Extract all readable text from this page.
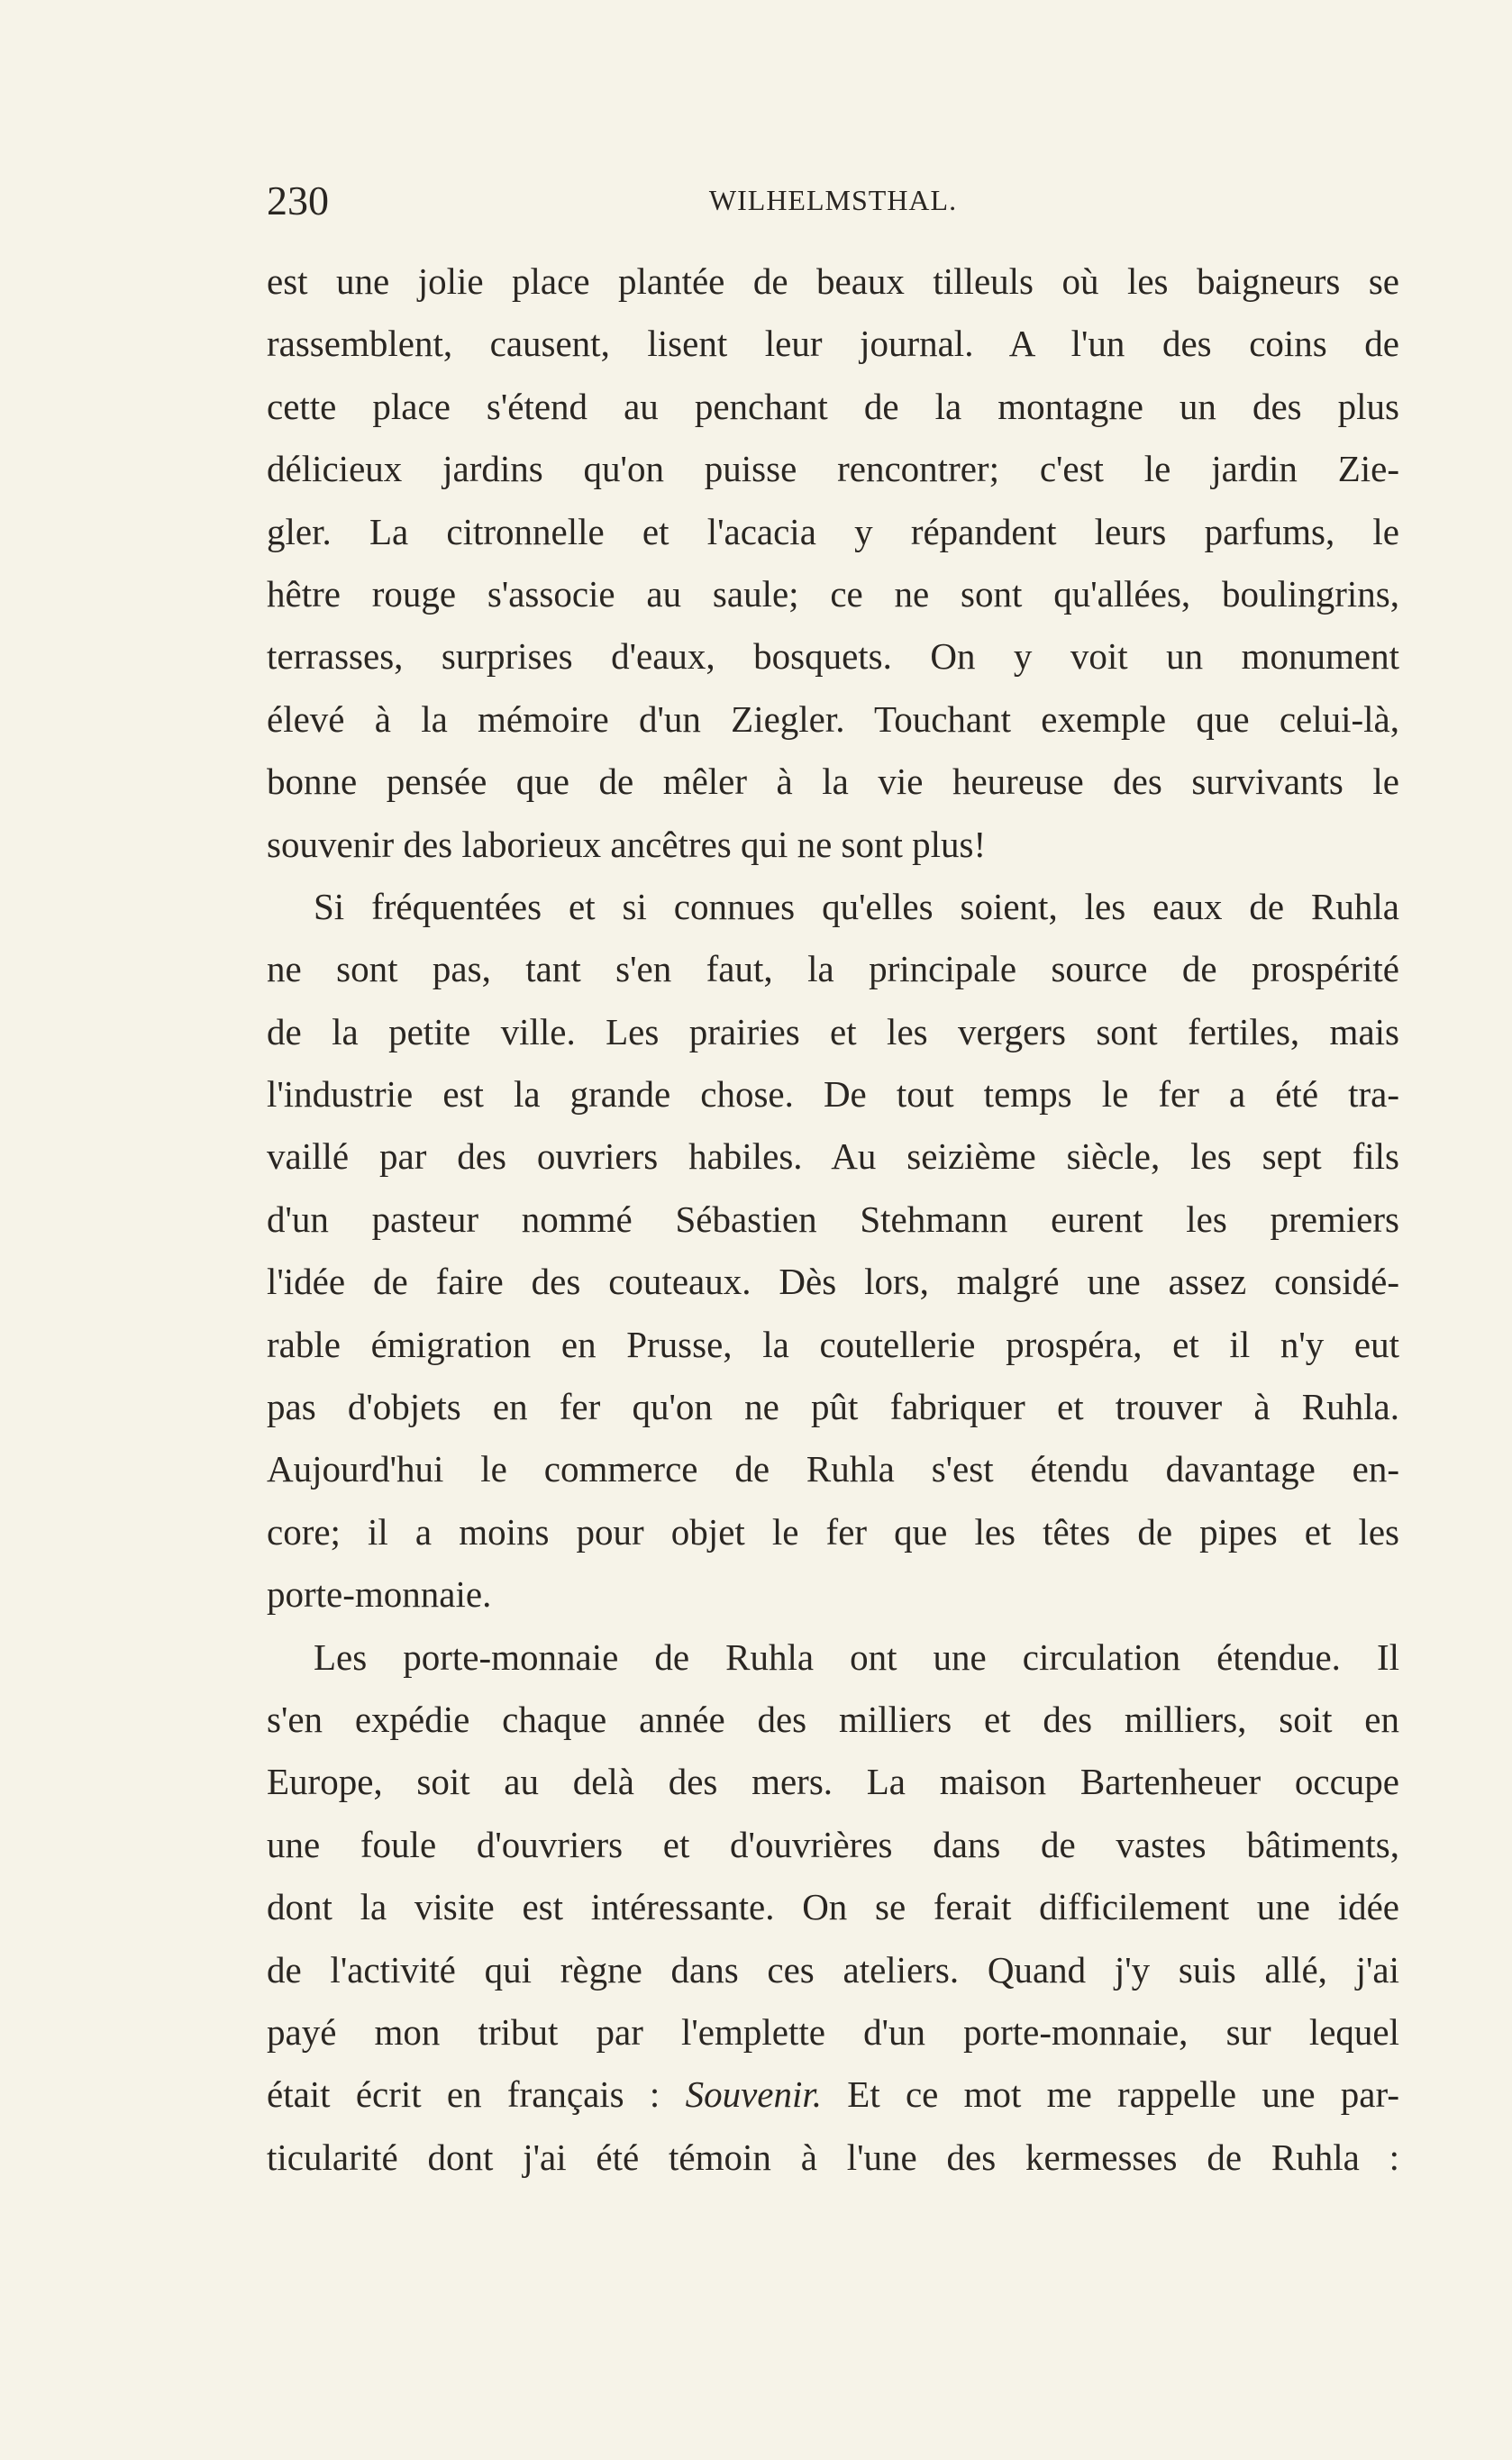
230	WILHELMSTHAL.
est une jolie place plantée de beaux tilleuls où les baigneurs se
rassemblent, causent, lisent leur journal. A l'un des coins de
cette place s'étend au penchant de la montagne un des plus
délicieux jardins qu'on puisse rencontrer; c'est le jardin Zie-
gler. La citronnelle et l'acacia y répandent leurs parfums, le
hêtre rouge s'associe au saule; ce ne sont qu'allées, boulingrins,
terrasses, surprises d'eaux, bosquets. On y voit un monument
élevé à la mémoire d'un Ziegler. Touchant exemple que celui-là,
bonne pensée que de mêler à la vie heureuse des survivants le
souvenir des laborieux ancêtres qui ne sont plus!
Si fréquentées et si connues qu'elles soient, les eaux de Ruhla
ne sont pas, tant s'en faut, la principale source de prospérité
de la petite ville. Les prairies et les vergers sont fertiles, mais
l'industrie est la grande chose. De tout temps le fer a été tra-
vaillé par des ouvriers habiles. Au seizième siècle, les sept fils
d'un pasteur nommé Sébastien Stehmann eurent les premiers
l'idée de faire des couteaux. Dès lors, malgré une assez considé-
rable émigration en Prusse, la coutellerie prospéra, et il n'y eut
pas d'objets en fer qu'on ne pût fabriquer et trouver à Ruhla.
Aujourd'hui le commerce de Ruhla s'est étendu davantage en-
core; il a moins pour objet le fer que les têtes de pipes et les
porte-monnaie.
Les porte-monnaie de Ruhla ont une circulation étendue. Il
s'en expédie chaque année des milliers et des milliers, soit en
Europe, soit au delà des mers. La maison Bartenheuer occupe
une foule d'ouvriers et d'ouvrières dans de vastes bâtiments,
dont la visite est intéressante. On se ferait difficilement une idée
de l'activité qui règne dans ces ateliers. Quand j'y suis allé, j'ai
payé mon tribut par l'emplette d'un porte-monnaie, sur lequel
était écrit en français : Souvenir. Et ce mot me rappelle une par-
ticularité dont j'ai été témoin à l'une des kermesses de Ruhla :
